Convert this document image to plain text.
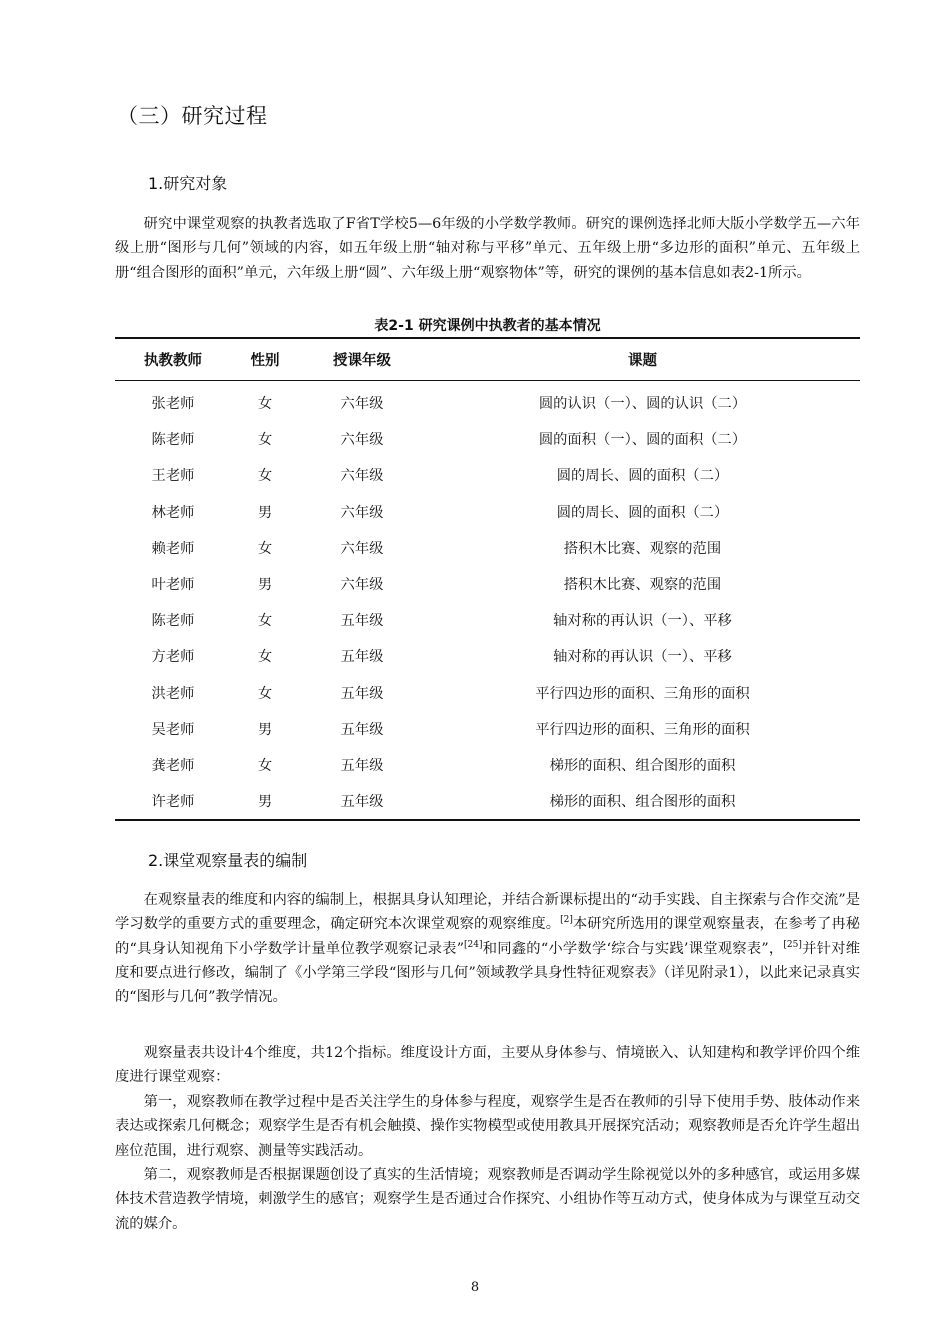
（三）研究过程
1.研究对象

研究中课堂观察的执教者选取了F省T学校5—6年级的小学数学教师。研究的课例选择北师大版小学数学五—六年级上册“图形与几何”领域的内容，如五年级上册“轴对称与平移”单元、五年级上册“多边形的面积”单元、五年级上册“组合图形的面积”单元，六年级上册“圆”、六年级上册“观察物体”等，研究的课例的基本信息如表2-1所示。

表2-1 研究课例中执教者的基本情况
执教教师	性别	授课年级	课题
张老师	女	六年级	圆的认识（一）、圆的认识（二）
陈老师	女	六年级	圆的面积（一）、圆的面积（二）
王老师	女	六年级	圆的周长、圆的面积（二）
林老师	男	六年级	圆的周长、圆的面积（二）
赖老师	女	六年级	搭积木比赛、观察的范围
叶老师	男	六年级	搭积木比赛、观察的范围
陈老师	女	五年级	轴对称的再认识（一）、平移
方老师	女	五年级	轴对称的再认识（一）、平移
洪老师	女	五年级	平行四边形的面积、三角形的面积
吴老师	男	五年级	平行四边形的面积、三角形的面积
龚老师	女	五年级	梯形的面积、组合图形的面积
许老师	男	五年级	梯形的面积、组合图形的面积
2.课堂观察量表的编制

在观察量表的维度和内容的编制上，根据具身认知理论，并结合新课标提出的“动手实践、自主探索与合作交流”是学习数学的重要方式的重要理念，确定研究本次课堂观察的观察维度。[2]本研究所选用的课堂观察量表，在参考了冉秘的“具身认知视角下小学数学计量单位教学观察记录表”[24]和同鑫的“小学数学‘综合与实践’课堂观察表”，[25]并针对维度和要点进行修改，编制了《小学第三学段“图形与几何”领域教学具身性特征观察表》（详见附录1），以此来记录真实的“图形与几何”教学情况。

观察量表共设计4个维度，共12个指标。维度设计方面，主要从身体参与、情境嵌入、认知建构和教学评价四个维度进行课堂观察：

第一，观察教师在教学过程中是否关注学生的身体参与程度，观察学生是否在教师的引导下使用手势、肢体动作来表达或探索几何概念；观察学生是否有机会触摸、操作实物模型或使用教具开展探究活动；观察教师是否允许学生超出座位范围，进行观察、测量等实践活动。

第二，观察教师是否根据课题创设了真实的生活情境；观察教师是否调动学生除视觉以外的多种感官，或运用多媒体技术营造教学情境，刺激学生的感官；观察学生是否通过合作探究、小组协作等互动方式，使身体成为与课堂互动交流的媒介。

8
